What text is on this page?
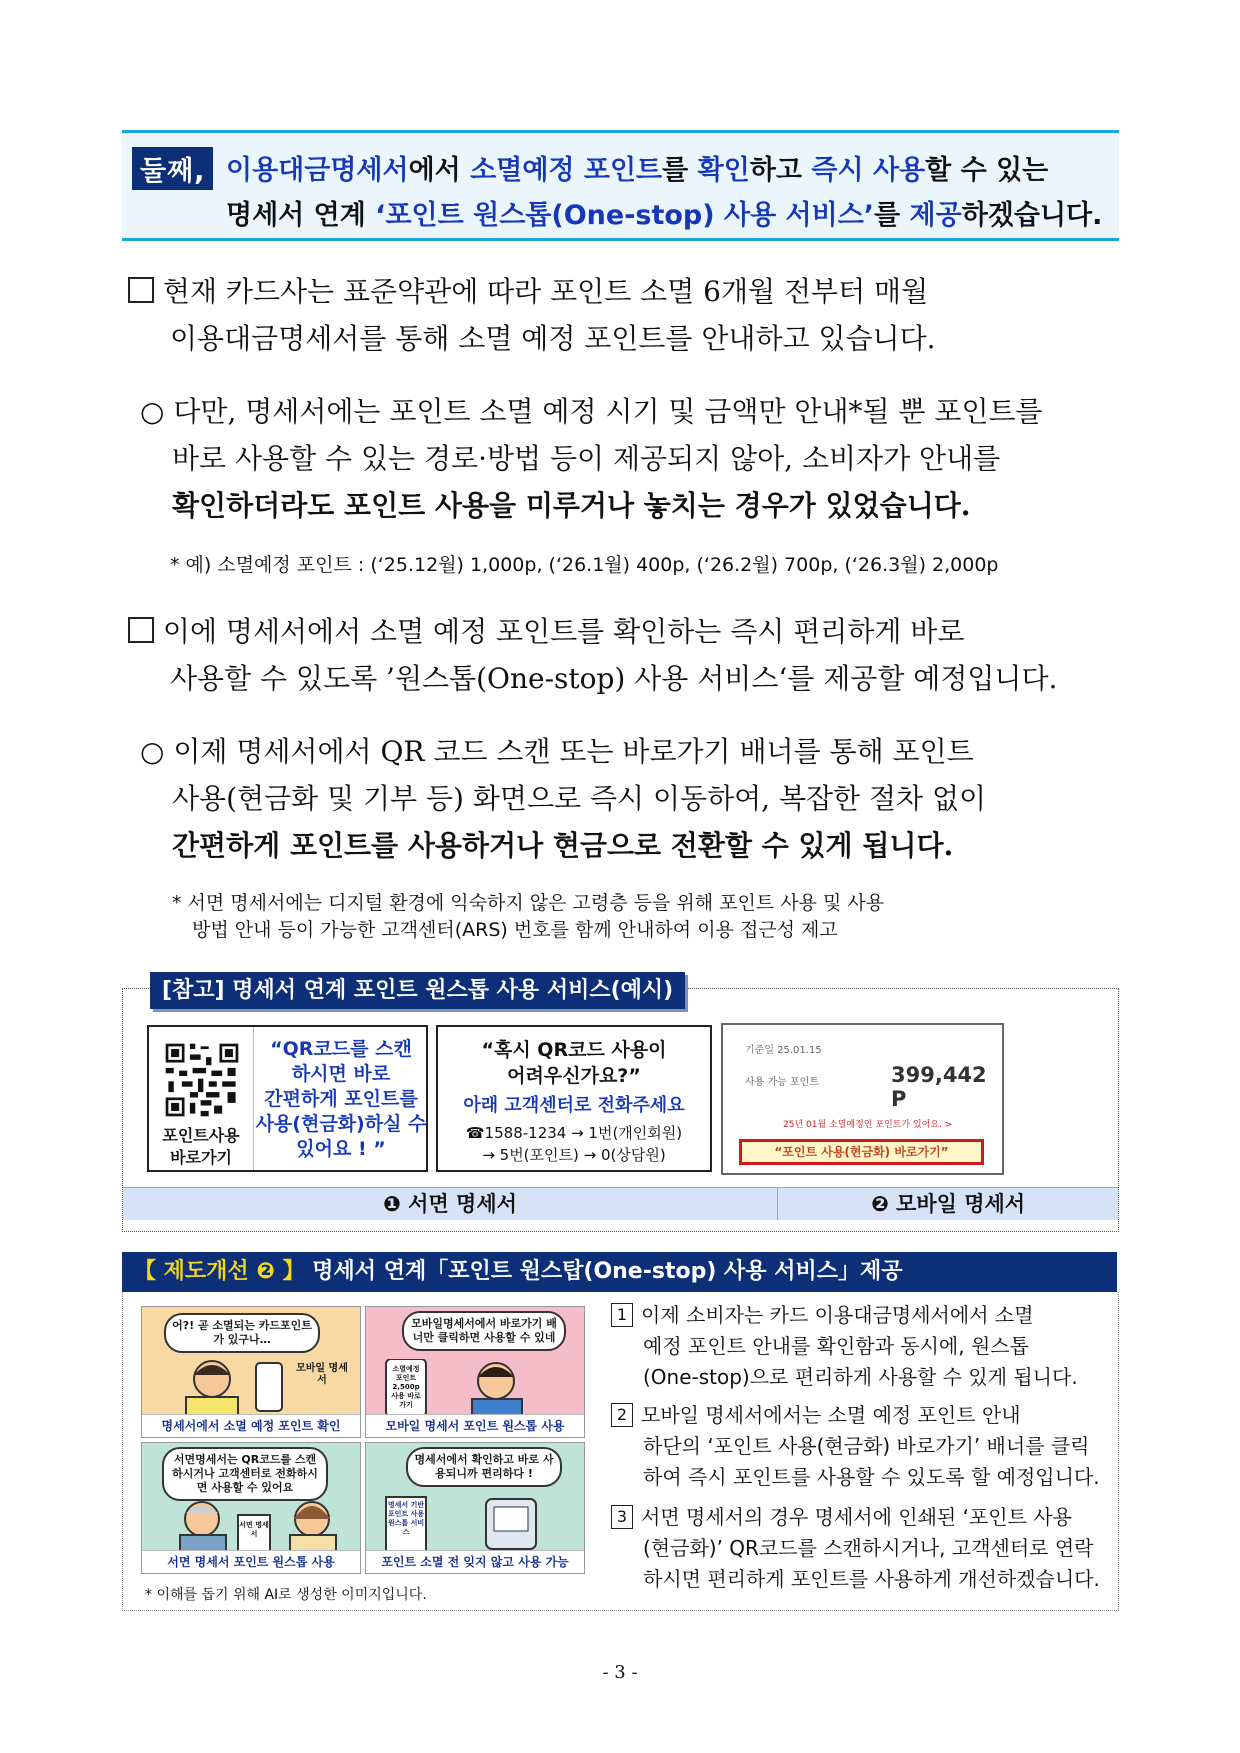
둘째, 이용대금명세서에서 소멸예정 포인트를 확인하고 즉시 사용할 수 있는
명세서 연계 ‘포인트 원스톱(One-stop) 사용 서비스’를 제공하겠습니다.
현재 카드사는 표준약관에 따라 포인트 소멸 6개월 전부터 매월
이용대금명세서를 통해 소멸 예정 포인트를 안내하고 있습니다.
○ 다만, 명세서에는 포인트 소멸 예정 시기 및 금액만 안내*될 뿐 포인트를
바로 사용할 수 있는 경로·방법 등이 제공되지 않아, 소비자가 안내를
확인하더라도 포인트 사용을 미루거나 놓치는 경우가 있었습니다.
* 예) 소멸예정 포인트 : (‘25.12월) 1,000p, (‘26.1월) 400p, (‘26.2월) 700p, (‘26.3월) 2,000p
이에 명세서에서 소멸 예정 포인트를 확인하는 즉시 편리하게 바로
사용할 수 있도록 ’원스톱(One-stop) 사용 서비스‘를 제공할 예정입니다.
○ 이제 명세서에서 QR 코드 스캔 또는 바로가기 배너를 통해 포인트
사용(현금화 및 기부 등) 화면으로 즉시 이동하여, 복잡한 절차 없이
간편하게 포인트를 사용하거나 현금으로 전환할 수 있게 됩니다.
* 서면 명세서에는 디지털 환경에 익숙하지 않은 고령층 등을 위해 포인트 사용 및 사용
방법 안내 등이 가능한 고객센터(ARS) 번호를 함께 안내하여 이용 접근성 제고
포인트사용
바로가기
“QR코드를 스캔
하시면 바로
간편하게 포인트를
사용(현금화)하실 수
있어요 ! ”
“혹시 QR코드 사용이
어려우신가요?”
아래 고객센터로 전화주세요
☎1588-1234 → 1번(개인회원)
→ 5번(포인트) → 0(상담원)
기준일 25.01.15
사용 가능 포인트	399,442 P
25년 01월 소멸예정인 포인트가 있어요. >
“포인트 사용(현금화) 바로가기”
❶ 서면 명세서	❷ 모바일 명세서
[참고] 명세서 연계 포인트 원스톱 사용 서비스(예시)
【 제도개선 ❷ 】 명세서 연계「포인트 원스탑(One-stop) 사용 서비스」제공
어?! 곧 소멸되는 카드포인트가 있구나…
모바일 명세서
명세서에서 소멸 예정 포인트 확인
모바일명세서에서 바로가기 배너만 클릭하면 사용할 수 있네
소멸예정 포인트 2,500p 사용 바로가기
모바일 명세서 포인트 원스톱 사용
서면명세서는 QR코드를 스캔하시거나 고객센터로 전화하시면 사용할 수 있어요
서면 명세서
서면 명세서 포인트 원스톱 사용
명세서에서 확인하고 바로 사용되니까 편리하다 !
명세서 기반 포인트 사용 원스톱 서비스
포인트 소멸 전 잊지 않고 사용 가능
* 이해를 돕기 위해 AI로 생성한 이미지입니다.
1 이제 소비자는 카드 이용대금명세서에서 소멸
예정 포인트 안내를 확인함과 동시에, 원스톱
(One-stop)으로 편리하게 사용할 수 있게 됩니다.
2 모바일 명세서에서는 소멸 예정 포인트 안내
하단의 ‘포인트 사용(현금화) 바로가기’ 배너를 클릭
하여 즉시 포인트를 사용할 수 있도록 할 예정입니다.
3 서면 명세서의 경우 명세서에 인쇄된 ‘포인트 사용
(현금화)’ QR코드를 스캔하시거나, 고객센터로 연락
하시면 편리하게 포인트를 사용하게 개선하겠습니다.
- 3 -
